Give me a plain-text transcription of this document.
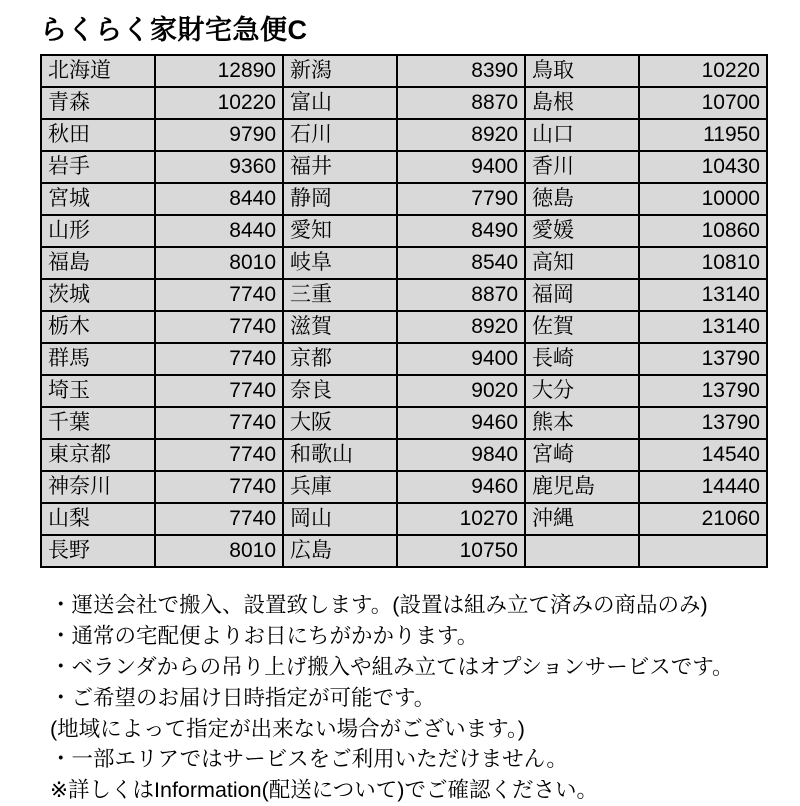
らくらく家財宅急便C
北海道	12890	新潟	8390	鳥取	10220
青森	10220	富山	8870	島根	10700
秋田	9790	石川	8920	山口	11950
岩手	9360	福井	9400	香川	10430
宮城	8440	静岡	7790	徳島	10000
山形	8440	愛知	8490	愛媛	10860
福島	8010	岐阜	8540	高知	10810
茨城	7740	三重	8870	福岡	13140
栃木	7740	滋賀	8920	佐賀	13140
群馬	7740	京都	9400	長崎	13790
埼玉	7740	奈良	9020	大分	13790
千葉	7740	大阪	9460	熊本	13790
東京都	7740	和歌山	9840	宮崎	14540
神奈川	7740	兵庫	9460	鹿児島	14440
山梨	7740	岡山	10270	沖縄	21060
長野	8010	広島	10750		
・運送会社で搬入、設置致します。(設置は組み立て済みの商品のみ)
・通常の宅配便よりお日にちがかかります。
・ベランダからの吊り上げ搬入や組み立てはオプションサービスです。
・ご希望のお届け日時指定が可能です。
(地域によって指定が出来ない場合がございます。)
・一部エリアではサービスをご利用いただけません。
※詳しくはInformation(配送について)でご確認ください。
